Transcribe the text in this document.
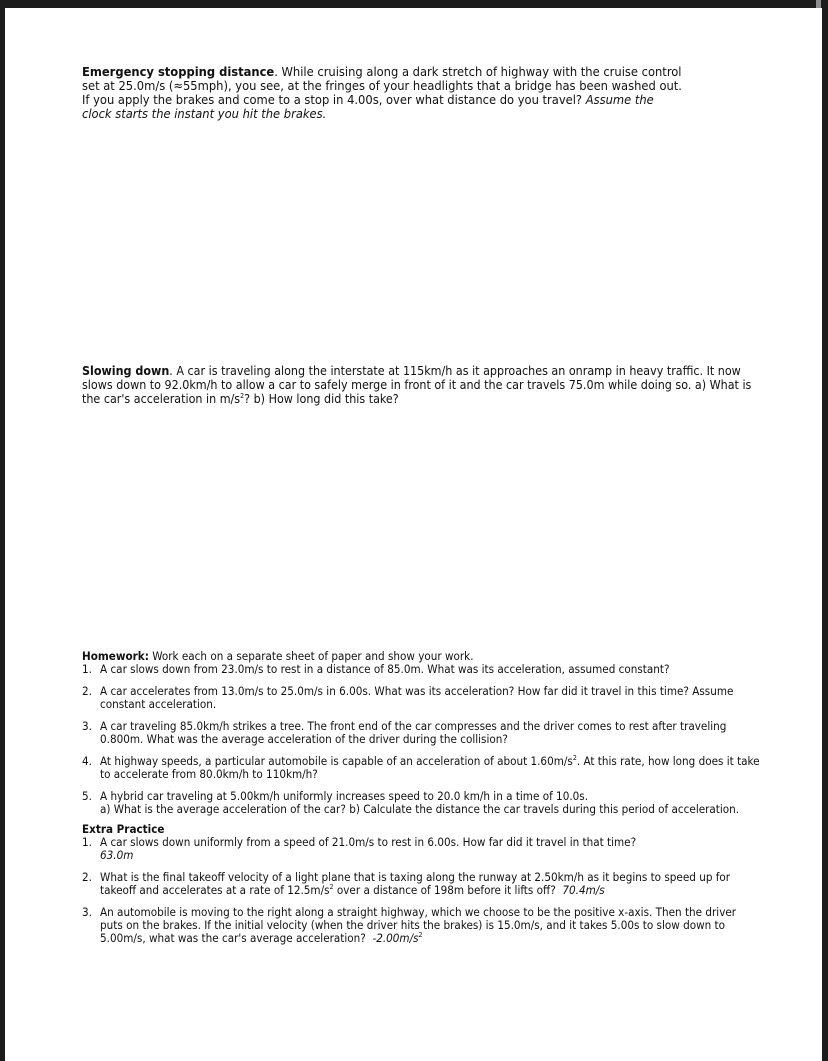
Emergency stopping distance. While cruising along a dark stretch of highway with the cruise control set at 25.0m/s (≈55mph), you see, at the fringes of your headlights that a bridge has been washed out. If you apply the brakes and come to a stop in 4.00s, over what distance do you travel? Assume the clock starts the instant you hit the brakes.
Slowing down. A car is traveling along the interstate at 115km/h as it approaches an onramp in heavy traffic. It now slows down to 92.0km/h to allow a car to safely merge in front of it and the car travels 75.0m while doing so. a) What is the car's acceleration in $m/s^2$? b) How long did this take?
Homework: Work each on a separate sheet of paper and show your work.
1. A car slows down from 23.0m/s to rest in a distance of 85.0m. What was its acceleration, assumed constant?
2. A car accelerates from 13.0m/s to 25.0m/s in 6.00s. What was its acceleration? How far did it travel in this time? Assume constant acceleration.
3. A car traveling 85.0km/h strikes a tree. The front end of the car compresses and the driver comes to rest after traveling 0.800m. What was the average acceleration of the driver during the collision?
4. At highway speeds, a particular automobile is capable of an acceleration of about $1.60m/s^2$. At this rate, how long does it take to accelerate from 80.0km/h to 110km/h?
5. A hybrid car traveling at 5.00km/h uniformly increases speed to 20.0 km/h in a time of 10.0s.
a) What is the average acceleration of the car? b) Calculate the distance the car travels during this period of acceleration.
Extra Practice
1. A car slows down uniformly from a speed of 21.0m/s to rest in 6.00s. How far did it travel in that time?
63.0m
2. What is the final takeoff velocity of a light plane that is taxing along the runway at 2.50km/h as it begins to speed up for takeoff and accelerates at a rate of $12.5m/s^2$ over a distance of 198m before it lifts off? 70.4m/s
3. An automobile is moving to the right along a straight highway, which we choose to be the positive x-axis. Then the driver puts on the brakes. If the initial velocity (when the driver hits the brakes) is 15.0m/s, and it takes 5.00s to slow down to 5.00m/s, what was the car's average acceleration? $-2.00m/s^2$
